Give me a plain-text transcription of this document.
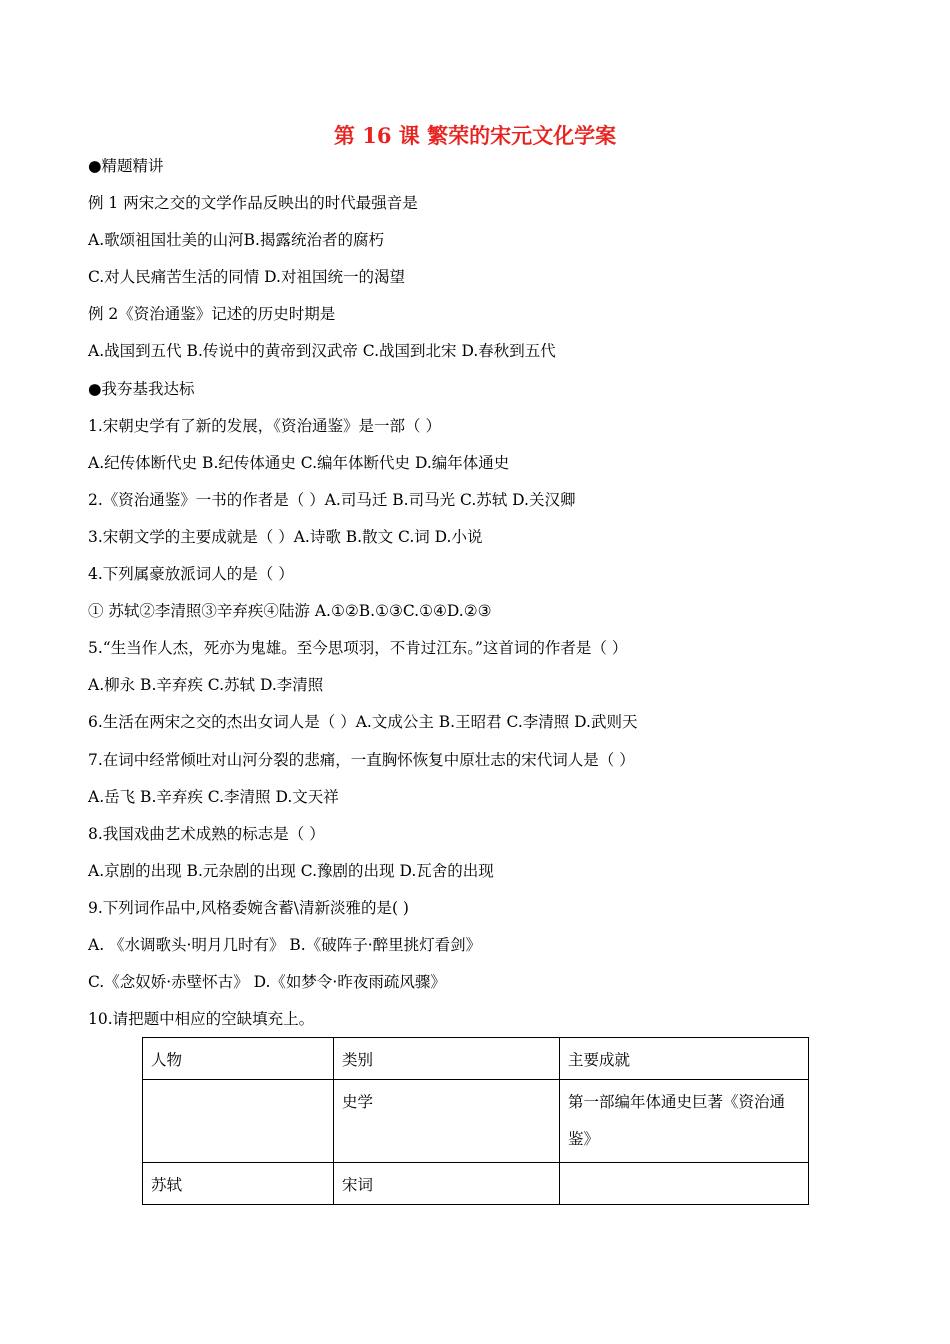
第 16 课 繁荣的宋元文化学案
●精题精讲
例 1 两宋之交的文学作品反映出的时代最强音是
A.歌颂祖国壮美的山河B.揭露统治者的腐朽
C.对人民痛苦生活的同情 D.对祖国统一的渴望
例 2《资治通鉴》记述的历史时期是
A.战国到五代 B.传说中的黄帝到汉武帝 C.战国到北宋 D.春秋到五代
●我夯基我达标
1.宋朝史学有了新的发展，《资治通鉴》是一部（ ）
A.纪传体断代史 B.纪传体通史 C.编年体断代史 D.编年体通史
2.《资治通鉴》一书的作者是（ ）A.司马迁 B.司马光 C.苏轼 D.关汉卿
3.宋朝文学的主要成就是（ ）A.诗歌 B.散文 C.词 D.小说
4.下列属豪放派词人的是（ ）
① 苏轼②李清照③辛弃疾④陆游 A.①②B.①③C.①④D.②③
5.“生当作人杰，死亦为鬼雄。至今思项羽，不肯过江东。”这首词的作者是（ ）
A.柳永 B.辛弃疾 C.苏轼 D.李清照
6.生活在两宋之交的杰出女词人是（ ）A.文成公主 B.王昭君 C.李清照 D.武则天
7.在词中经常倾吐对山河分裂的悲痛，一直胸怀恢复中原壮志的宋代词人是（ ）
A.岳飞 B.辛弃疾 C.李清照 D.文天祥
8.我国戏曲艺术成熟的标志是（ ）
A.京剧的出现 B.元杂剧的出现 C.豫剧的出现 D.瓦舍的出现
9.下列词作品中,风格委婉含蓄\清新淡雅的是( )
A. 《水调歌头·明月几时有》 B.《破阵子·醉里挑灯看剑》
C.《念奴娇·赤壁怀古》 D.《如梦令·昨夜雨疏风骤》
10.请把题中相应的空缺填充上。
人物	类别	主要成就
	史学	第一部编年体通史巨著《资治通鉴》
苏轼	宋词	
